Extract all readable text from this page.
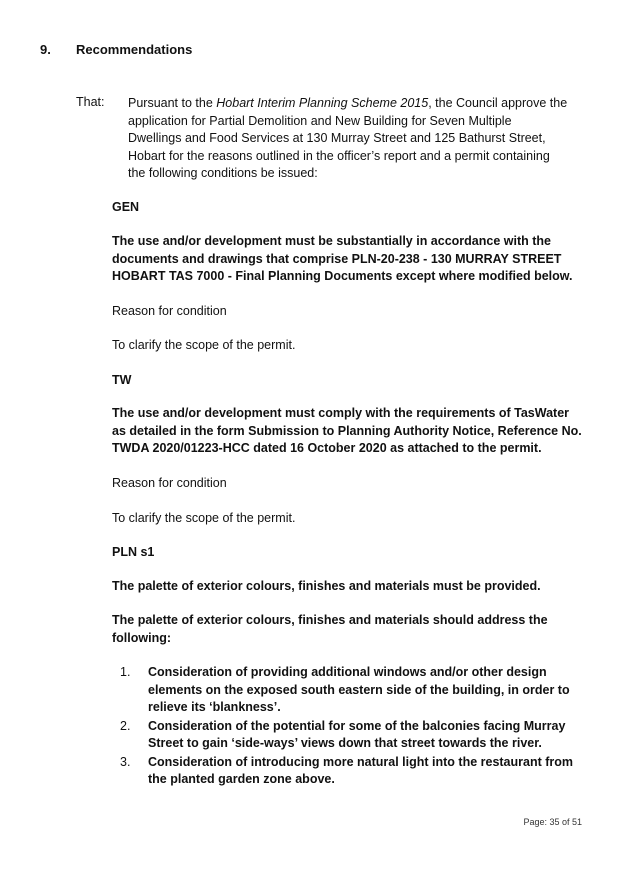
9. Recommendations
That: Pursuant to the Hobart Interim Planning Scheme 2015, the Council approve the application for Partial Demolition and New Building for Seven Multiple Dwellings and Food Services at 130 Murray Street and 125 Bathurst Street, Hobart for the reasons outlined in the officer’s report and a permit containing the following conditions be issued:
GEN
The use and/or development must be substantially in accordance with the documents and drawings that comprise PLN-20-238 - 130 MURRAY STREET HOBART TAS 7000 - Final Planning Documents except where modified below.
Reason for condition
To clarify the scope of the permit.
TW
The use and/or development must comply with the requirements of TasWater as detailed in the form Submission to Planning Authority Notice, Reference No. TWDA 2020/01223-HCC dated 16 October 2020 as attached to the permit.
Reason for condition
To clarify the scope of the permit.
PLN s1
The palette of exterior colours, finishes and materials must be provided.
The palette of exterior colours, finishes and materials should address the following:
1. Consideration of providing additional windows and/or other design elements on the exposed south eastern side of the building, in order to relieve its ‘blankness’.
2. Consideration of the potential for some of the balconies facing Murray Street to gain ‘side-ways’ views down that street towards the river.
3. Consideration of introducing more natural light into the restaurant from the planted garden zone above.
Page: 35 of 51
